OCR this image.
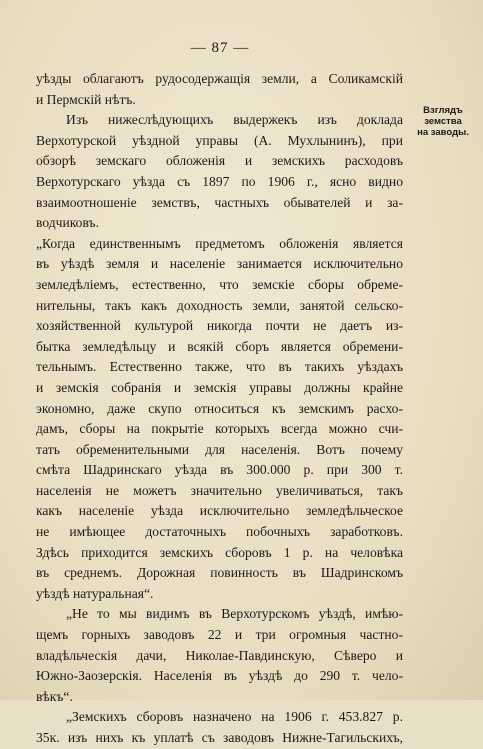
— 87 —
Взглядъ земства
на заводы.
уѣзды облагаютъ рудосодержащія земли, а Соликамскій
и Пермскій нѣтъ.
Изъ нижеслѣдующихъ выдержекъ изъ доклада
Верхотурской уѣздной управы (А. Мухлынинъ), при
обзорѣ земскаго обложенія и земскихъ расходовъ
Верхотурскаго уѣзда съ 1897 по 1906 г., ясно видно
взаимоотношеніе земствъ, частныхъ обывателей и за-
водчиковъ.
„Когда единственнымъ предметомъ обложенія является
въ уѣздѣ земля и населеніе занимается исключительно
земледѣліемъ, естественно, что земскіе сборы обреме-
нительны, такъ какъ доходность земли, занятой сельско-
хозяйственной культурой никогда почти не даетъ из-
бытка земледѣльцу и всякій сборъ является обремени-
тельнымъ. Естественно также, что въ такихъ уѣздахъ
и земскія собранія и земскія управы должны крайне
экономно, даже скупо относиться къ земскимъ расхо-
дамъ, сборы на покрытіе которыхъ всегда можно счи-
тать обременительными для населенія. Вотъ почему
смѣта Шадринскаго уѣзда въ 300.000 р. при 300 т.
населенія не можетъ значительно увеличиваться, такъ
какъ населеніе уѣзда исключительно земледѣльческое
не имѣющее достаточныхъ побочныхъ заработковъ.
Здѣсь приходится земскихъ сборовъ 1 р. на человѣка
въ среднемъ. Дорожная повинность въ Шадринскомъ
уѣздѣ натуральная“.
„Не то мы видимъ въ Верхотурскомъ уѣздѣ, имѣю-
щемъ горныхъ заводовъ 22 и три огромныя частно-
владѣльческія дачи, Николае-Павдинскую, Сѣверо и
Южно-Заозерскія. Населенія въ уѣздѣ до 290 т. чело-
вѣкъ“.
„Земскихъ сборовъ назначено на 1906 г. 453.827 р.
35к. изъ нихъ къ уплатѣ съ заводовъ Нижне-Тагильскихъ,
